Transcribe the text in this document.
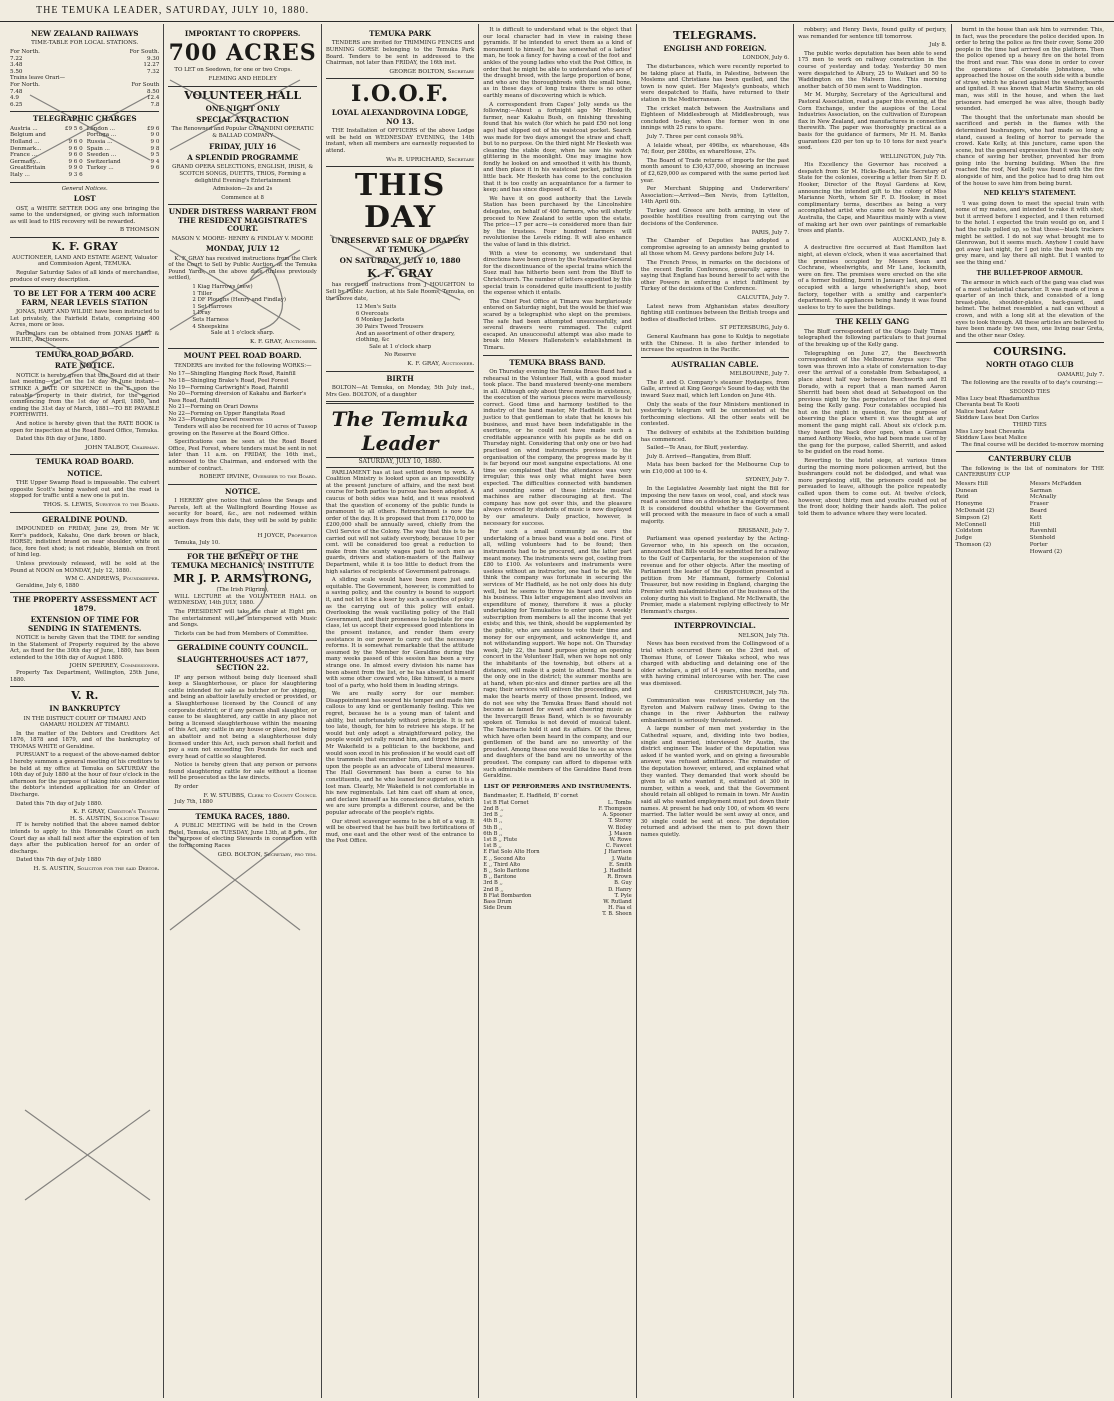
THE TEMUKA LEADER, SATURDAY, JULY 10, 1880.
NEW ZEALAND RAILWAYS
TIME-TABLE FOR LOCAL STATIONS.
For North.	For South.
7.22	9.30
3.48	12.27
5.50	7.32
Trains leave Orari—
For North.	For South
7.48	8.50
4.9	12.4
6.25	7.8
TELEGRAPHIC CHARGES
Austria ...	£9 5 6 London ...	£9 6
Belgium and	Portuga ...	9 0
Holland ...	9 6 0 Russia ...	9 0
Denmark...	9 6 0 Spain ...	9 8
France ...	9 6 0 Sweden ...	9 5
Germany...	9 6 0 Switzerland	9 4
GreatBritain	9 9 0 Turkey ...	9 6
Italy ...	9 3 6
General Notices.
LOST

OST, a WHITE SETTER DOG any one bringing the same to the undersigned, or giving such information as will lead to HIS recovery will be rewarded.

B THOMSON
K. F. GRAY

AUCTIONEER, LAND AND ESTATE AGENT, Valuator and Commission Agent, TEMUKA.

Regular Saturday Sales of all kinds of merchandise, produce of every description.

TO BE LET FOR A TERM 400 ACRE FARM, NEAR LEVELS STATION

JONAS, HART AND WILDIE have been instructed to Let privately, the Fairfield Estate, comprising 400 Acres, more or less.

Particulars can be obtained from JONAS HART & WILDIE, Auctioneers.

TEMUKA ROAD BOARD.
RATE NOTICE.

NOTICE is hereby given that this Board did at their last meeting—viz., on the 1st day of June instant—STRIKE A RATE OF SIXPENCE in the £ upon the rateable property in their district, for the period commencing from the 1st day of April, 1880, and ending the 31st day of March, 1881—TO BE PAYABLE FORTHWITH.

And notice is hereby given that the RATE BOOK is open for inspection at the Road Board Office, Temuka.

Dated this 8th day of June, 1880.

JOHN TALBOT, Chairman.
TEMUKA ROAD BOARD.
NOTICE.

THE Upper Swamp Road is impassable. The culvert opposite Scott's being washed out and the road is stopped for traffic until a new one is put in.

THOS. S. LEWIS, Surveyor to the Board.
GERALDINE POUND.

IMPOUNDED on FRIDAY, June 29, from Mr W. Kerr's paddock, Kakahu, One dark brown or black, HORSE; indistinct brand on near shoulder, white on face, fore feet shod; is not rideable, blemish on front of hind leg.

Unless previously released, will be sold at the Pound at NOON on MONDAY, July 12, 1880.

WM C. ANDREWS, Poundkeeper.

Geraldine, July 6, 1880

THE PROPERTY ASSESSMENT ACT 1879.
EXTENSION OF TIME FOR SENDING IN STATEMENTS.

NOTICE is hereby Given that the TIME for sending in the Statement of Property required by the above Act, as fixed for the 30th day of June, 1880, has been extended to the 16th day of August 1880.

JOHN SPERREY, Commissioner.

Property Tax Department, Wellington, 25th June, 1880.

V. R.
IN BANKRUPTCY

IN THE DISTRICT COURT OF TIMARU AND OAMARU HOLDEN AT TIMARU.

In the matter of the Debtors and Creditors Act 1876, 1878 and 1879, and of the bankruptcy of THOMAS WHITE of Geraldine.

PURSUANT to a request of the above-named debtor I hereby summon a general meeting of his creditors to be held at my office at Temuka on SATURDAY the 10th day of July 1880 at the hour of four o'clock in the afternoon for the purpose of taking into consideration the debtor's intended application for an Order of Discharge.

Dated this 7th day of July 1880.

K. F. GRAY, Creditor's Trustee
H. S. AUSTIN, Solicitor Timaru

IT is hereby notified that the above named debtor intends to apply to this Honorable Court on such Court day as shall fall next after the expiration of ten days after the publication hereof for an order of discharge.

Dated this 7th day of July 1880

H. S. AUSTIN, Solicitor for the said Debtor.
IMPORTANT TO CROPPERS.
700 ACRES

TO LET on Seedown, for one or two Crops.

FLEMING AND HEDLEY
VOLUNTEER HALL
ONE NIGHT ONLY
SPECIAL ATTRACTION

The Renowned and Popular CARANDINI OPERATIC & BALLAD COMPANY

FRIDAY, JULY 16
A SPLENDID PROGRAMME

GRAND OPERA SELECTIONS, ENGLISH, IRISH, & SCOTCH SONGS, DUETTS, TRIOS, Forming a delightful Evening's Entertainment

Admission—2s and 2s

Commence at 8

UNDER DISTRESS WARRANT FROM THE RESIDENT MAGISTRATE'S COURT.

MASON V. MOORE- HENRY & FINDLAY V. MOORE

MONDAY, JULY 12

K. F. GRAY has received instructions from the Clerk of the Court to Sell by Public Auction, at the Temuka Pound Yards, on the above date (unless previously settled),

1 Kiag Harrows (new)
1 Tiller
2 DF Ploughs (Henry and Findlay)
1 Set Harrows
1 Dray
Sets Harness
4 Sheepskins

Sale at 1 o'clock sharp.

K. F. GRAY, Auctioneer.
MOUNT PEEL ROAD BOARD.

TENDERS are invited for the following WORKS:—

No 17—Shingling Hanging Rock Road, Rainfill
No 18—Shingling Brake's Road, Peel Forest
No 19—Forming Cartwright's Road, Rainfill
No 20—Forming diversion of Kakahu and Barker's Pass Road, Rainfill
No 21—Forming on Orari Downs
No 22—Forming on Upper Rangitata Road
No 23—Ploughing Gravel reserves

Tenders will also be received for 10 acres of Tussop growing on the Reserve at the Board Office.

Specifications can be seen at the Road Board Office, Peel Forest, where tenders must be sent in not later than 11 a.m. on FRIDAY, the 16th inst., addressed to the Chairman, and endorsed with the number of contract.

ROBERT IRVINE, Overseer to the Board.
NOTICE.

I HEREBY give notice that unless the Swags and Parcels, left at the Wallingford Boarding House as security for board, &c., are not redeemed within seven days from this date, they will be sold by public auction.

H JOYCE, Proprietor

Temuka, July 10.

FOR THE BENEFIT OF THE TEMUKA MECHANICS' INSTITUTE
MR J. P. ARMSTRONG,
(The Irish Pilgrim),

WILL LECTURE at the VOLUNTEER HALL on WEDNESDAY, 14th JULY, 1880.

The PRESIDENT will take the chair at Eight pm. The entertainment will be interspersed with Music and Songs.

Tickets can be had from Members of Committee.

GERALDINE COUNTY COUNCIL.
SLAUGHTERHOUSES ACT 1877, SECTION 22.

IF any person without being duly licensed shall keep a Slaughterhouse, or place for slaughtering cattle intended for sale as butcher or for shipping, and being an abattoir lawfully erected or provided, or a Slaughterhouse licensed by the Council of any corporate district; or if any person shall slaughter, or cause to be slaughtered, any cattle in any place not being a licensed slaughterhouse within the meaning of this Act, any cattle in any house or place, not being an abattoir and not being a slaughterhouse duly licensed under this Act, such person shall forfeit and pay a sum not exceeding Ten Pounds for each and every head of cattle so slaughtered.

Notice is hereby given that any person or persons found slaughtering cattle for sale without a license will be prosecuted as the law directs.

By order

F. W. STUBBS, Clerk to County Council

July 7th, 1880

TEMUKA RACES, 1880.

A PUBLIC MEETING will be held in the Crown Hotel, Temuka, on TUESDAY, June 13th, at 8 p.m., for the purpose of electing Stewards in connection with the forthcoming Races

GEO. BOLTON, Secretary, pro tem.
TEMUKA PARK

TENDERS are invited for TRIMMING FENCES and BURNING GORSE belonging to the Temuka Park Board. Tenders to be sent in addressed to the Chairman, not later than FRIDAY, the 16th inst.

GEORGE BOLTON, Secretary
I.O.O.F.
LOYAL ALEXANDROVINA LODGE, NO 13.

THE Installation of OFFICERS of the above Lodge will be held on WEDNESDAY EVENING, the 14th instant, when all members are earnestly requested to attend.

Wm R. UPRICHARD, Secretary
THIS DAY
UNRESERVED SALE OF DRAPERY AT TEMUKA
ON SATURDAY, JULY 10, 1880
K. F. GRAY

has received instructions from J HOUGHTON to Sell by Public Auction, at his Sale Rooms, Temuka, on the above date,

12 Men's Suits
6 Overcoats
6 Monkey Jackets
30 Pairs Tweed Trousers
And an assortment of other drapery, clothing, &c

Sale at 1 o'clock sharp

No Reserve

K. F. GRAY, Auctioneer.
BIRTH

BOLTON—At Temuka, on Monday, 5th July inst., Mrs Geo. BOLTON, of a daughter

The Temuka Leader
SATURDAY, JULY 10, 1880.

PARLIAMENT has at last settled down to work. A Coalition Ministry is looked upon as an impossibility at the present juncture of affairs, and the next best course for both parties to pursue has been adopted. A caucus of both sides was held, and it was resolved that the question of economy of the public funds is paramount to all others. Retrenchment is now the order of the day. It is proposed that from £170,000 to £200,000 shall be annually saved, chiefly from the Civil Service of the Colony. The way that this is to be carried out will not satisfy everybody, because 10 per cent. will be considered too great a reduction to make from the scanty wages paid to such men as guards, drivers and station-masters of the Railway Department, while it is too little to deduct from the high salaries of recipients of Government patronage.

A sliding scale would have been more just and equitable. The Government, however, is committed to a saving policy, and the country is bound to support it, and not let it be a loser by such a sacrifice of policy as the carrying out of this policy will entail. Overlooking the weak vacillating policy of the Hall Government, and their proneness to legislate for one class, let us accept their expressed good intentions in the present instance, and render them every assistance in our power to carry out the necessary reforms. It is somewhat remarkable that the attitude assumed by the Member for Geraldine during the many weeks passed of this session has been a very strange one. In almost every division his name has been absent from the list, or he has absented himself with some other coward who, like himself, is a mere tool of a party, who hold them in leading strings.

We are really sorry for our member. Disappointment has soured his temper and made him callous to any kind or gentlemanly feeling. This we regret, because he is a young man of talent and ability, but unfortunately without principle. It is not too late, though, for him to retrieve his steps. If he would but only adopt a straightforward policy, the people would yet rally round him, and forget the past. Mr Wakefield is a politician to the backbone, and would soon excel in his profession if he would cast off the trammels that encumber him, and throw himself upon the people as an advocate of Liberal measures. The Hall Government has been a curse to his constituents, and he who leaned for support on it is a lost man. Clearly, Mr Wakefield is not comfortable in his new regimentals. Let him cast off sham at once, and declare himself as his conscience dictates, which we are sure prompts a different course, and be the popular advocate of the people's rights.

Our street scavenger seems to be a bit of a wag. It will be observed that he has built two fortifications of mud, one east and the other west of the entrance to the Post Office.

It is difficult to understand what is the object that our local character had in view in raising these pyramids. If he intended to erect them as a kind of monument to himself, he has somewhat of a ladies' man, he took a fancy for having a coat of the foot and ankles of the young ladies who visit the Post Office, in order that he might be able to understand who are of the draught breed, with the large proportion of bone, and who are the thoroughbreds with the small bone, as in these days of long trains there is no other earthly means of discovering which is which.

A correspondent from Capes' Jolly sends us the following:—About a fortnight ago Mr Hesketh, farmer, near Kakahu Bush, on finishing threshing found that his watch (for which he paid £50 not long ago) had slipped out of his waistcoat pocket. Search was made for two days amongst the straw and chaff, but to no purpose. On the third night Mr Hesketh was cleaning the stable door, when he saw his watch glittering in the moonlight. One may imagine how fondly he looked on and smoothed it with his thumb, and then place it in his waistcoat pocket, patting its little back. Mr Hesketh has come to the conclusion that it is too costly an acquaintance for a farmer to keep; and has since disposed of it.

We have it on good authority that the Levels Station has been purchased by the Lincolnshire delegates, on behalf of 400 farmers, who will shortly proceed to New Zealand to settle upon the estate. The price—17 per acre—is considered more than fair by the trustees. Four hundred farmers will revolutionise the Levels riding. It will also enhance the value of land in this district.

With a view to economy, we understand that directions have been given by the Postmaster-General for the discontinuance of the special trains which the Suez mail has hitherto been sent from the Bluff to Christchurch. The number of letters expedited by this special train is considered quite insufficient to justify the expense which it entails.

The Chief Post Office at Timaru was burglariously entered on Saturday night, but the would be thief was scared by a telegraphist who slept on the premises. The safe had been attempted unsuccessfully, and several drawers were rummaged. The culprit escaped. An unsuccessful attempt was also made to break into Messrs Hallenstein's establishment in Timaru.

TEMUKA BRASS BAND.

On Thursday evening the Temuka Brass Band had a rehearsal in the Volunteer Hall, with a good muster took place. The band mustered twenty-one members in all. Although only about three months in existence, the execution of the various pieces were marvellously correct. Good time and harmony testified to the industry of the band master, Mr Hadfield. It is but justice to that gentleman to state that he knows his business, and must have been indefatigable in the exertions, or he could not have made such a creditable appearance with his pupils as he did on Thursday night. Considering that only one or two had practised on wind instruments previous to the organisation of the company, the progress made by it is far beyond our most sanguine expectations. At one time we complained that the attendance was very irregular; this was only what might have been expected. The difficulties connected with bandsmen and sounding some of these intricate musical machines are rather discouraging at first. The company has now got over this, and the pleasure always evinced by students of music is now displayed by our amateurs. Daily practice, however, is necessary for success.

For such a small community as ours the undertaking of a brass band was a bold one. First of all, willing volunteers had to be found; then instruments had to be procured, and the latter part meant money. The instruments were got, costing from £80 to £100. As volunteers and instruments were useless without an instructor, one had to be got. We think the company was fortunate in securing the services of Mr Hadfield, as he not only does his duty well, but he seems to throw his heart and soul into his business. This latter engagement also involves an expenditure of money, therefore it was a plucky undertaking for Temukaites to enter upon. A weekly subscription from members is all the income that yet exists; and this, we think, should be supplemented by the public, who are anxious to vote their time and money for our enjoyment, and acknowledge it, and not withstanding support. We hope not. On Thursday week, July 22, the band purpose giving an opening concert in the Volunteer Hall, when we hope not only the inhabitants of the township, but others at a distance, will make it a point to attend. The band is the only one in the district; the summer months are at hand, when pic-nics and dinner parties are all the rage; their services will enliven the proceedings, and make the hearts merry of those present. Indeed, we do not see why the Temuka Brass Band should not become as famed for sweet and cheering music as the Invercargill Brass Band, which is so favourably spoken of. Temuka is not devoid of musical talent. The Tabernacle hold it and its affairs. Of the three, which have often been heard in the company, and our gentlemen of the band are no unworthy of the proudest. Among these one would like to see as wives and daughters of the band are no unworthy of the proudest. The company can afford to dispense with such admirable members of the Geraldine Band from Geraldine.

LIST OF PERFORMERS AND INSTRUMENTS.
Bandmaster, E. Hadfield, B' cornet
1st B Flat Cornet	L. Tombs
2nd B ,,	F. Thompson
3rd B ,,	A. Spooner
4th B ,,	T. Storey
5th B ,,	W. Bixley
6th B ,,	J. Mason
1st B ,, Flute	W. Rowe
1st B ,,	C. Fawcet
E Flat Solo Alto Horn	J Harrison
E ,, Second Alto	J. Waite
E ,, Third Alto	E. Smith
B ,, Solo Baritone	J. Hadfield
B ,, Baritone	R. Brown
3rd B ,,	B. Guy
2nd B ,,	D. Hanry
B Flat Bombardon	T. Pyle
Bass Drum	W. Rutland
Side Drum	H. Faa el
T. B. Sheen
TELEGRAMS.
ENGLISH AND FOREIGN.

LONDON, July 6.

The disturbances, which were recently reported to be taking place at Haifa, in Palestine, between the Moslems and Christians has been quelled, and the town is now quiet. Her Majesty's gunboats, which were despatched to Haifa, have returned to their station in the Mediterranean.

The cricket match between the Australians and Eighteen of Middlesbrough at Middlesbrough, was concluded to-day, when the former won in one innings with 25 runs to spare.

July 7. Three per cent consols 98¾.

A lelaide wheat, per 496lbs, ex wharehouse, 48s 7d; flour, per 280lbs, ex whareHouse, 27s.

The Board of Trade returns of imports for the past month amount to £30,437,000, showing an increase of £2,629,000 as compared with the same period last year.

Per Merchant Shipping and Underwriters' Association:—Arrived—Ben Nevis, from Lyttelton, 14th April 6th.

Turkey and Greece are both arming, in view of possible hostilities resulting from carrying out the decisions of the Conference.

PARIS, July 7.

The Chamber of Deputies has adopted a compromise agreeing to an amnesty being granted to all those whom M. Grevy pardons before July 14.

The French Press, in remarks on the decisions of the recent Berlin Conference, generally agree in saying that England has bound herself to act with the other Powers in enforcing a strict fulfilment by Turkey of the decisions of the Conference.

CALCUTTA, July 7.

Latest news from Afghanistan states desultory fighting still continues between the British troops and bodies of disaffected tribes.

ST PETERSBURG, July 6.

General Kaufmann has gone to Kuldja to negotiate with the Chinese. It is also further intended to increase the squadron in the Pacific.

AUSTRALIAN CABLE.

MELBOURNE, July 7.

The P. and O. Company's steamer Hydaspes, from Galle, arrived at King George's Sound to-day, with the inward Suez mail, which left London on June 4th.

Only the seats of the four Ministers mentioned in yesterday's telegram will be uncontested at the forthcoming elections. All the other seats will be contested.

The delivery of exhibits at the Exhibition building has commenced.

Sailed—Te Anau, for Bluff, yesterday.

July 8. Arrived—Rangatira, from Bluff.

Mata has been backed for the Melbourne Cup to win £10,000 at 100 to 4.

SYDNEY, July 7.

In the Legislative Assembly last night the Bill for imposing the new taxes on wool, coal, and stock was read a second time on a division by a majority of two. It is considered doubtful whether the Government will proceed with the measure in face of such a small majority.

BRISBANE, July 7.

Parliament was opened yesterday by the Acting-Governor who, in his speech on the occasion, announced that Bills would be submitted for a railway to the Gulf of Carpentaria, for the suspension of the revenue and for other objects. After the meeting of Parliament the leader of the Opposition presented a petition from Mr Hammant, formerly Colonial Treasurer, but now residing in England, charging the Premier with maladministration of the business of the colony during his visit to England. Mr McIlwraith, the Premier, made a statement replying effectively to Mr Hemmant's charges.

INTERPROVINCIAL.

NELSON, July 7th.

News has been received from the Collingwood of a trial which occurred there on the 23rd inst. of Thomas Hune, of Lower Takaka school, who was charged with abducting and detaining one of the older scholars, a girl of 14 years, nine months, and with having criminal intercourse with her. The case was dismissed.

CHRISTCHURCH, July 7th.

Communication was restored yesterday on the Eyreton and Malvern railway lines. Owing to the change in the river Ashburton the railway embankment is seriously threatened.

A large number of men met yesterday in the Cathedral square, and, dividing into two bodies, single and married, interviewed Mr Austin, the district engineer. The leader of the deputation was asked if he wanted work, and on giving a favourable answer, was refused admittance. The remainder of the deputation however, entered, and explained what they wanted. They demanded that work should be given to all who wanted it, estimated at 300 in number, within a week, and that the Government should retain all obliged to remain in town. Mr Austin said all who wanted employment must put down their names. At present he had only 100, of whom 46 were married. The latter would be sent away at once, and 30 single could be sent at once. The deputation returned and advised the men to put down their names quietly.

robbery; and Henry Davis, found guilty of perjury, was remanded for sentence till tomorrow.

July 8.

The public works deputation has been able to send 175 men to work on railway construction in the course of yesterday and today. Yesterday 50 men were despatched to Albury, 25 to Waikari and 50 to Waddington on the Malvern line. This morning another batch of 50 men sent to Waddington.

Mr M. Murphy, Secretary of the Agricultural and Pastoral Association, read a paper this evening, at the Corn Exchange, under the auspices of the Local Industries Association, on the cultivation of European flax in New Zealand, and manufactures in connection therewith. The paper was thoroughly practical as a basis for the guidance of farmers, Mr H. M. Banks guarantees £20 per ton up to 10 tons for next year's seed.

WELLINGTON, July 7th.

His Excellency the Governor has received a despatch from Sir M. Hicks-Beach, late Secretary of State for the colonies, covering a letter from Sir F. D. Hooker, Director of the Royal Gardens at Kew, announcing the intended gift to the colony of Miss Marianne North, whom Sir F. D. Hooker, in most complimentary terms, describes as being a very accomplished artist who came out to New Zealand, Australia, the Cape, and Mauritius mainly with a view of making art her own over paintings of remarkable trees and plants.

AUCKLAND, July 8.

A destructive fire occurred at East Hamilton last night, at eleven o'clock, when it was ascertained that the premises occupied by Messrs Swan and Cochrane, wheelwrights, and Mr Lane, locksmith, were on fire. The premises were erected on the site of a former building, burnt in January last, and were occupied with a large wheelwright's shop, boot factory, together with a smithy and carpenter's department. No appliances being handy it was found useless to try to save the buildings.

THE KELLY GANG

The Bluff correspondent of the Otago Daily Times telegraphed the following particulars to that journal of the breaking up of the Kelly gang.

Telegraphing on June 27, the Beechworth correspondent of the Melbourne Argus says: 'The town was thrown into a state of consternation to-day over the arrival of a constable from Sebastapool, a place about half way between Beechworth and El Dorado, with a report that a man named Aaron Sherritt had been shot dead at Sebastopool on the previous night by the perpetrators of the foul deed being the Kelly gang. Four constables occupied his hut on the night in question, for the purpose of observing the place where it was thought at any moment the gang might call. About six o'clock p.m. they heard the back door open, when a German named Anthony Weeks, who had been made use of by the gang for the purpose, called Sherritt, and asked to be guided on the road home.

Reverting to the hotel siege, at various times during the morning more policemen arrived, but the bushrangers could not be dislodged, and what was more perplexing still, the prisoners could not be persuaded to leave, although the police repeatedly called upon them to come out. At twelve o'clock, however, about thirty men and youths rushed out of the front door, holding their hands aloft. The police told them to advance where they were located.

burnt in the house than ask him to surrender. This, in fact, was the procedure the police decided upon. In order to bring the police as fire their cover, Some 200 people in the time had arrived on the platform. Then the police opened up a heavy fire on the hotel from the front and rear. This was done in order to cover the operations of Constable Johnstone, who approached the house on the south side with a bundle of straw, which he placed against the weatherboards and ignited. It was known that Martin Sherry, an old man, was still in the house, and when the last prisoners had emerged he was alive, though badly wounded.

The thought that the unfortunate man should be sacrificed and perish in the flames with the determined bushrangers, who had made so long a stand, caused a feeling of horror to pervade the crowd. Kate Kelly, at this juncture, came upon the scene, but the general expression that it was the only chance of saving her brother, prevented her from going into the burning building. When the fire reached the roof, Ned Kelly was found with the fire alongside of him, and the police had to drag him out of the house to save him from being burnt.

NED KELLY'S STATEMENT.

'I was going down to meet the special train with some of my mates, and intended to rake it with shot; but it arrived before I expected, and I then returned to the hotel. I expected the train would go on, and I had the rails pulled up, so that those—black trackers might be settled. I do not say what brought me to Glenrowan, but it seems much. Anyhow I could have got away last night, for I got into the bush with my grey mare, and lay there all night. But I wanted to see the thing end.'

THE BULLET-PROOF ARMOUR.

The armour in which each of the gang was clad was of a most substantial character. It was made of iron a quarter of an inch thick, and consisted of a long breast-plate, shoulder-plates, back-guard, and helmet. The helmet resembled a nail can without a crown, and with a long slit at the elevation of the eyes to look through. All these articles are believed to have been made by two men, one living near Greta, and the other near Oxley.

COURSING.
NORTH OTAGO CLUB

OAMARU, July 7.

The following are the results of to day's coursing:—

SECOND TIES
Miss Lucy beat Rhadamanthus
Chevanta beat Te Kooti
Malice beat Aster
Skiddaw Lass beat Don Carlos
THIRD TIES
Miss Lucy beat Chevanta
Skiddaw Lass beat Malice

The final course will be decided to-morrow morning

CANTERBURY CLUB

The following is the list of nominators for THE CANTERBURY CUP

Messrs Hill	Messrs McFadden
Dunean	Sarman
Reid	McAnally
Honeyme	Fraser
McDonald (2)	Beard
Simpson (2)	Kett
McConnell	Hill
Coldstom	Ravenhill
Judge	Stenhold
Thomson (2)	Porter
Howard (2)
